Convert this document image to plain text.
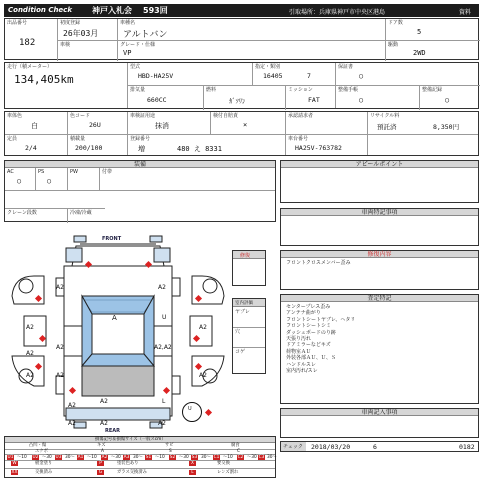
Condition Check	神戸入札会 593回	引取場所：兵庫県神戸市中央区港島	資料
出品番号
182
初度登録
26年03月
車検
車種名
アルトバン
グレード・仕様
VP
ドア数
5
駆動
2WD
走行（積メーター）
134,405km
型式
HBD-HA25V
指定・類別
16405	7
保証書
○
排気量
660CC
燃料
ｶﾞｿﾘﾝ
ミッション
FAT
整備手帳
○
整備記録
○
車体色
白
色コード
26U
車検証用途
抹消
検付自賠責
×
承認請求者	リサイクル料
預託済	8,350円
定員
2/4
積載量
200/100
登録番号
増	480 え 8331
車台番号
HA25V-763782
装備
AC	PS	PW	付帯
○	○
クレーン段数	冷凍/冷蔵
アピールポイント
車両特記事項
修復内容
フロントクロスメンバー歪み
査定特記
センタープレス歪み
アンテナ曲がり
フロントシートヤブレ、ヘタリ
フロントシートシミ
ダッシュボードのり跡
天張り汚れ
ドアミラーなどキズ
荷物室ＡＵ
外装各部ＡＵ、Ｕ、Ｓ
ハンドルスレ
室内汚れ/スレ
車両記入事項
チェック 2018/03/20	6	0182
FRONT
REAR
A2	A2
A2
A
A2
A2
A2	A2	A2
A2
A2
A2	A2	A2
L
A2,A2
U
A2
修復
室内評価
ヤブレ
穴
コゲ
U
損傷記号＆損傷サイズ（一般スcm）
凸凹・傷	キズ	サビ	腐食
エクボ
U1 〜10 U2 〜30 U3 30〜
A
A1 〜10 A2 〜30 A3 30〜
S
S1 〜10 S2 〜30 S3 30〜
C
C1 〜10 C2 〜30 C3 30〜
W	板金塗り	P	塗装色あり	X	要交換
XX	交換済み	G	ガラス交換済み	L	レンズ割れ
